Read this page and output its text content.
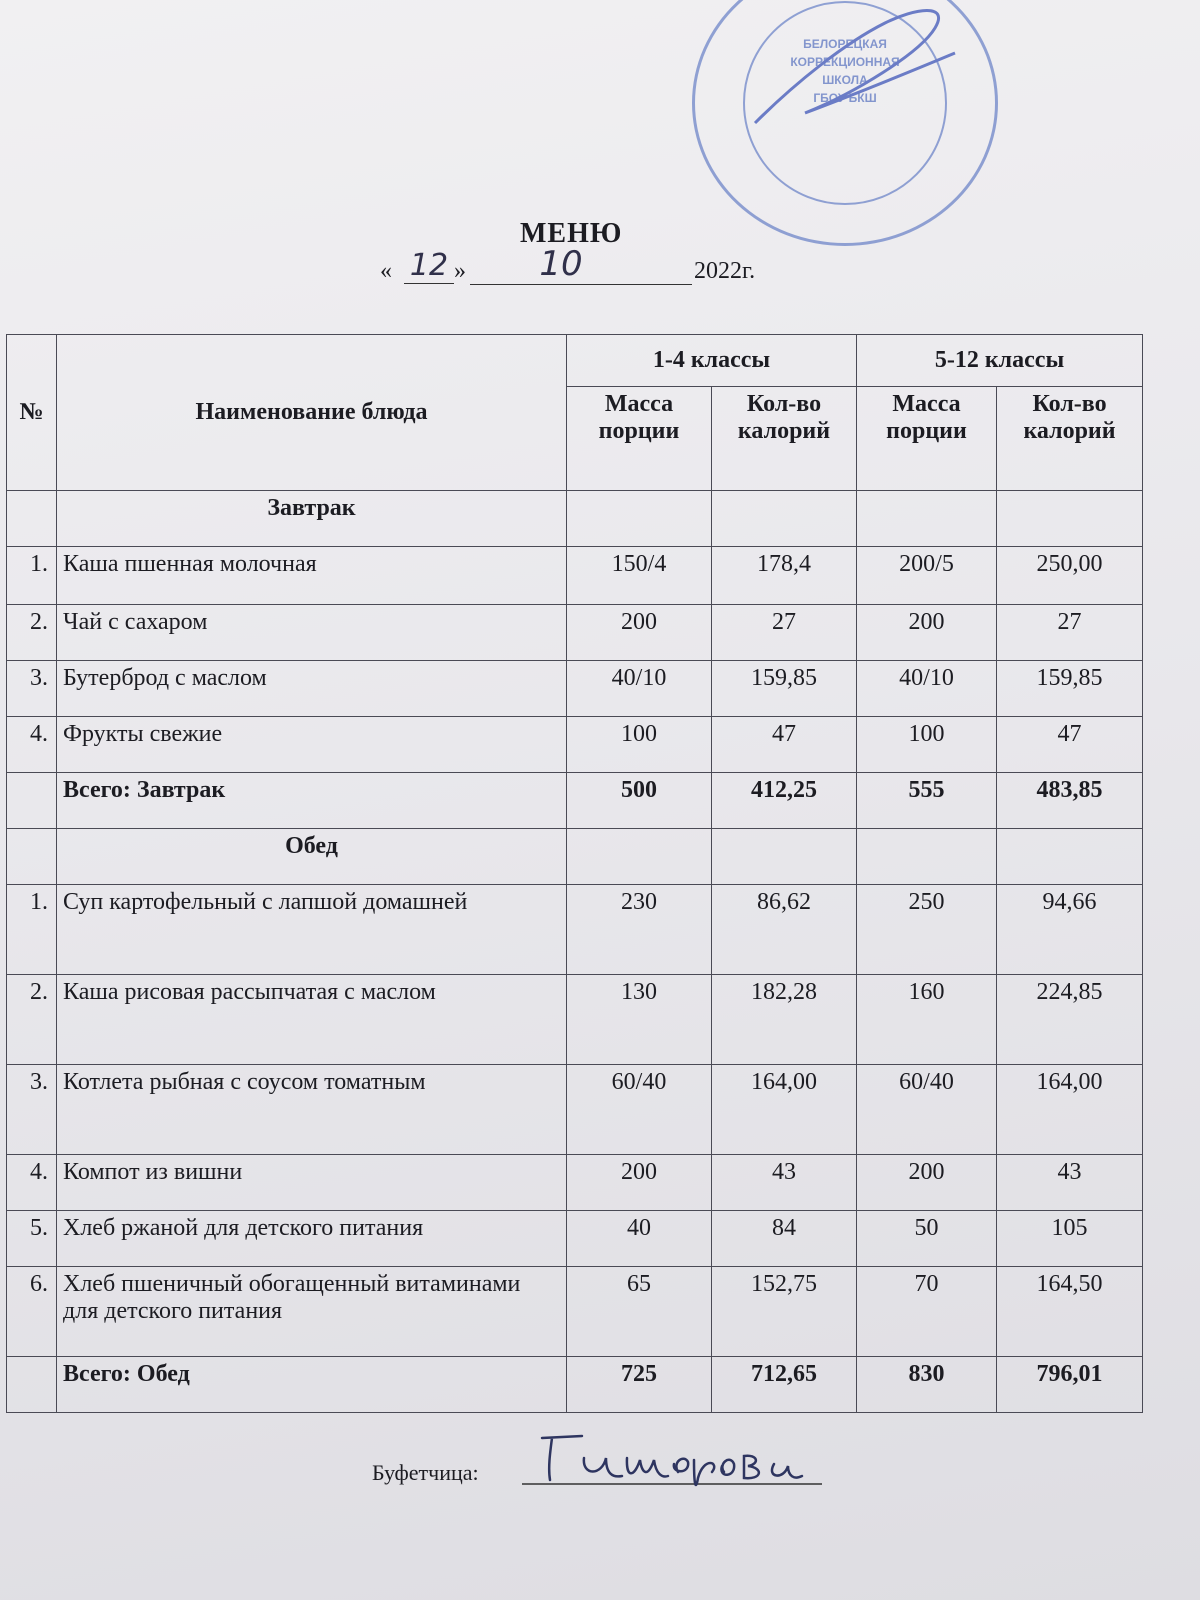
БЕЛОРЕЦКАЯ
КОРРЕКЦИОННАЯ
ШКОЛА
ГБОУ БКШ
МЕНЮ
« 12 »	10	2022г.
№	Наименование блюда	1-4 классы		5-12 классы	
		Масса порции	Кол-во калорий	Масса порции	Кол-во калорий
	Завтрак				
1.	Каша пшенная молочная	150/4	178,4	200/5	250,00
2.	Чай с сахаром	200	27	200	27
3.	Бутерброд с маслом	40/10	159,85	40/10	159,85
4.	Фрукты свежие	100	47	100	47
	Всего: Завтрак	500	412,25	555	483,85
	Обед				
1.	Суп картофельный с лапшой домашней	230	86,62	250	94,66
2.	Каша рисовая рассыпчатая с маслом	130	182,28	160	224,85
3.	Котлета рыбная с соусом томатным	60/40	164,00	60/40	164,00
4.	Компот из вишни	200	43	200	43
5.	Хлеб ржаной для детского питания	40	84	50	105
6.	Хлеб пшеничный обогащенный витаминами для детского питания	65	152,75	70	164,50
	Всего: Обед	725	712,65	830	796,01
Буфетчица:
